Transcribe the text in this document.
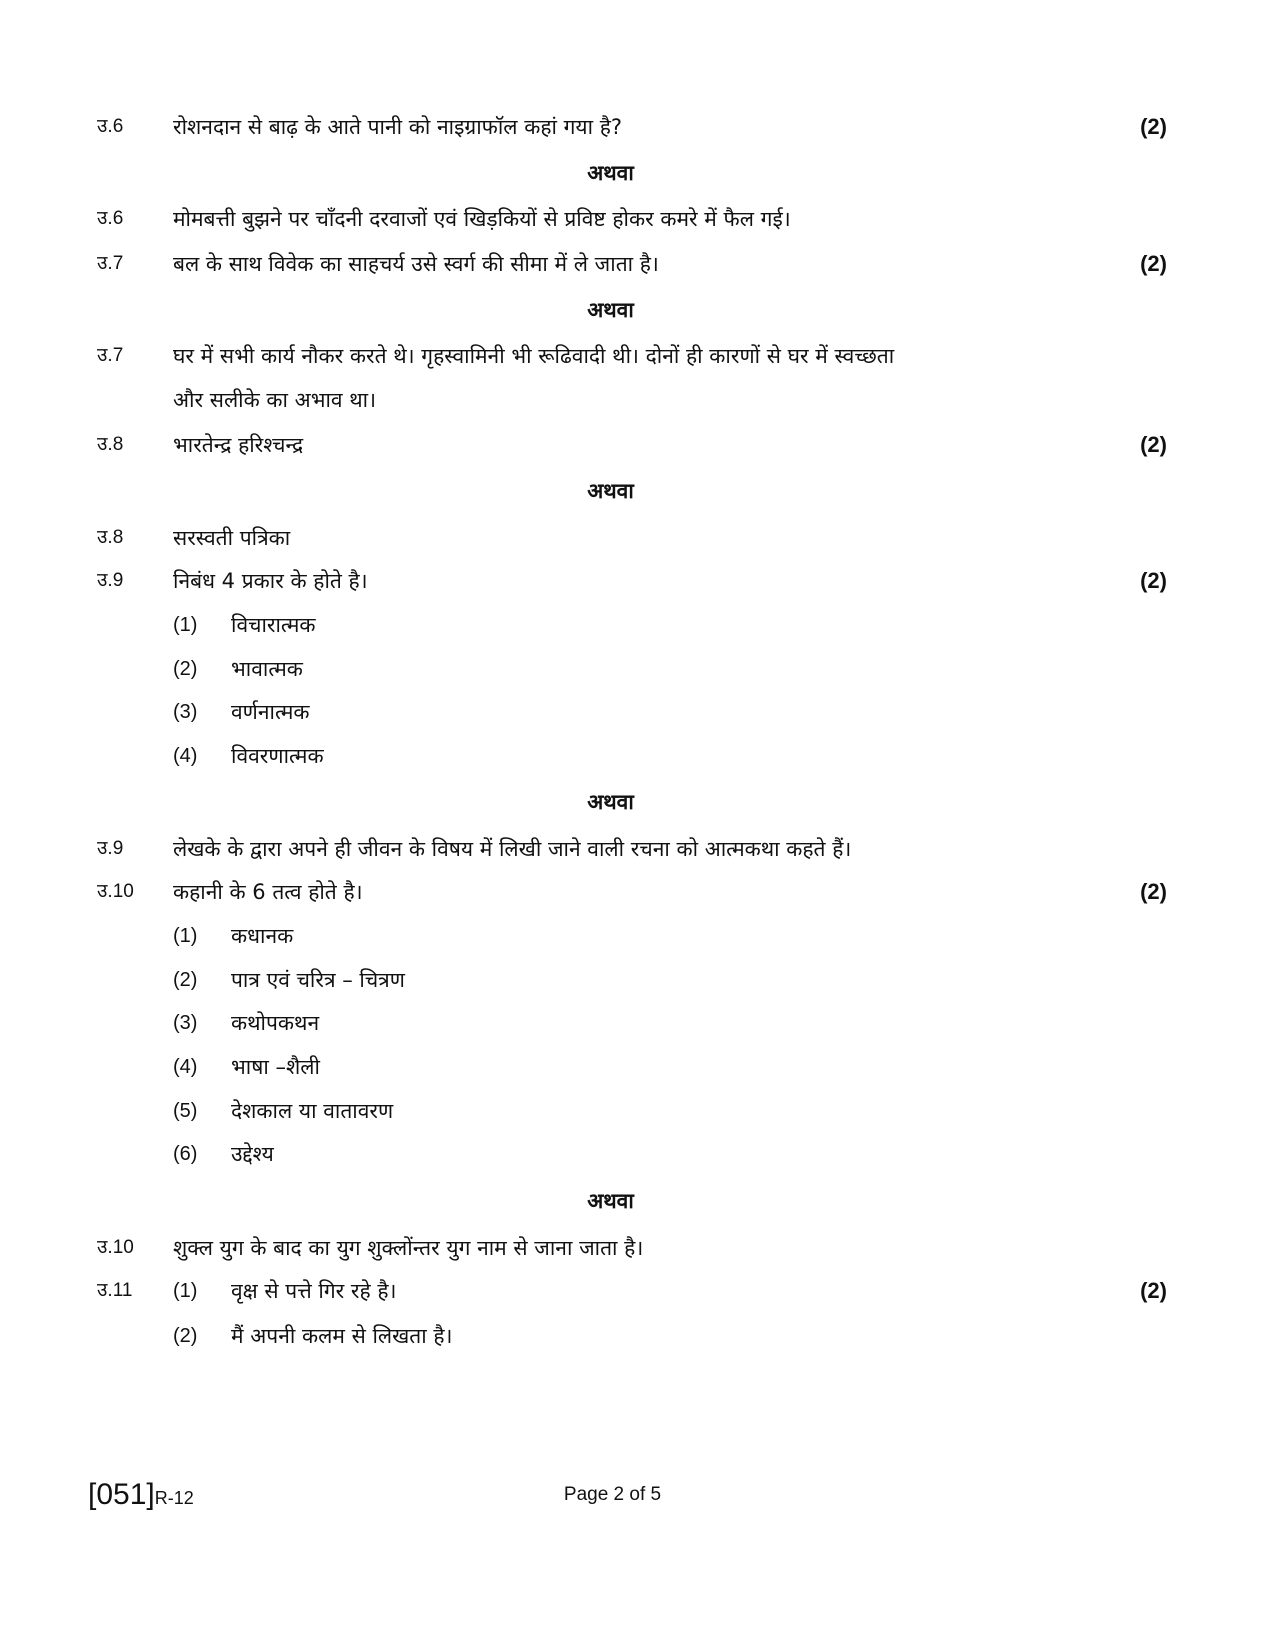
उ.6 रोशनदान से बाढ़ के आते पानी को नाइग्राफॉल कहां गया है?	(2)
अथवा
उ.6 मोमबत्ती बुझने पर चाँदनी दरवाजों एवं खिड़कियों से प्रविष्ट होकर कमरे में फैल गई।
उ.7 बल के साथ विवेक का साहचर्य उसे स्वर्ग की सीमा में ले जाता है।	(2)
अथवा
उ.7 घर में सभी कार्य नौकर करते थे। गृहस्वामिनी भी रूढिवादी थी। दोनों ही कारणों से घर में स्वच्छता
और सलीके का अभाव था।
उ.8 भारतेन्द्र हरिश्चन्द्र	(2)
अथवा
उ.8 सरस्वती पत्रिका
उ.9 निबंध 4 प्रकार के होते है।	(2)
(1) विचारात्मक
(2) भावात्मक
(3) वर्णनात्मक
(4) विवरणात्मक
अथवा
उ.9 लेखके के द्वारा अपने ही जीवन के विषय में लिखी जाने वाली रचना को आत्मकथा कहते हैं।
उ.10 कहानी के 6 तत्व होते है।	(2)
(1) कधानक
(2) पात्र एवं चरित्र – चित्रण
(3) कथोपकथन
(4) भाषा –शैली
(5) देशकाल या वातावरण
(6) उद्देश्य
अथवा
उ.10 शुक्ल युग के बाद का युग शुक्लोंन्तर युग नाम से जाना जाता है।
उ.11 (1) वृक्ष से पत्ते गिर रहे है।	(2)
(2) मैं अपनी कलम से लिखता है।
[051]R-12	Page 2 of 5
